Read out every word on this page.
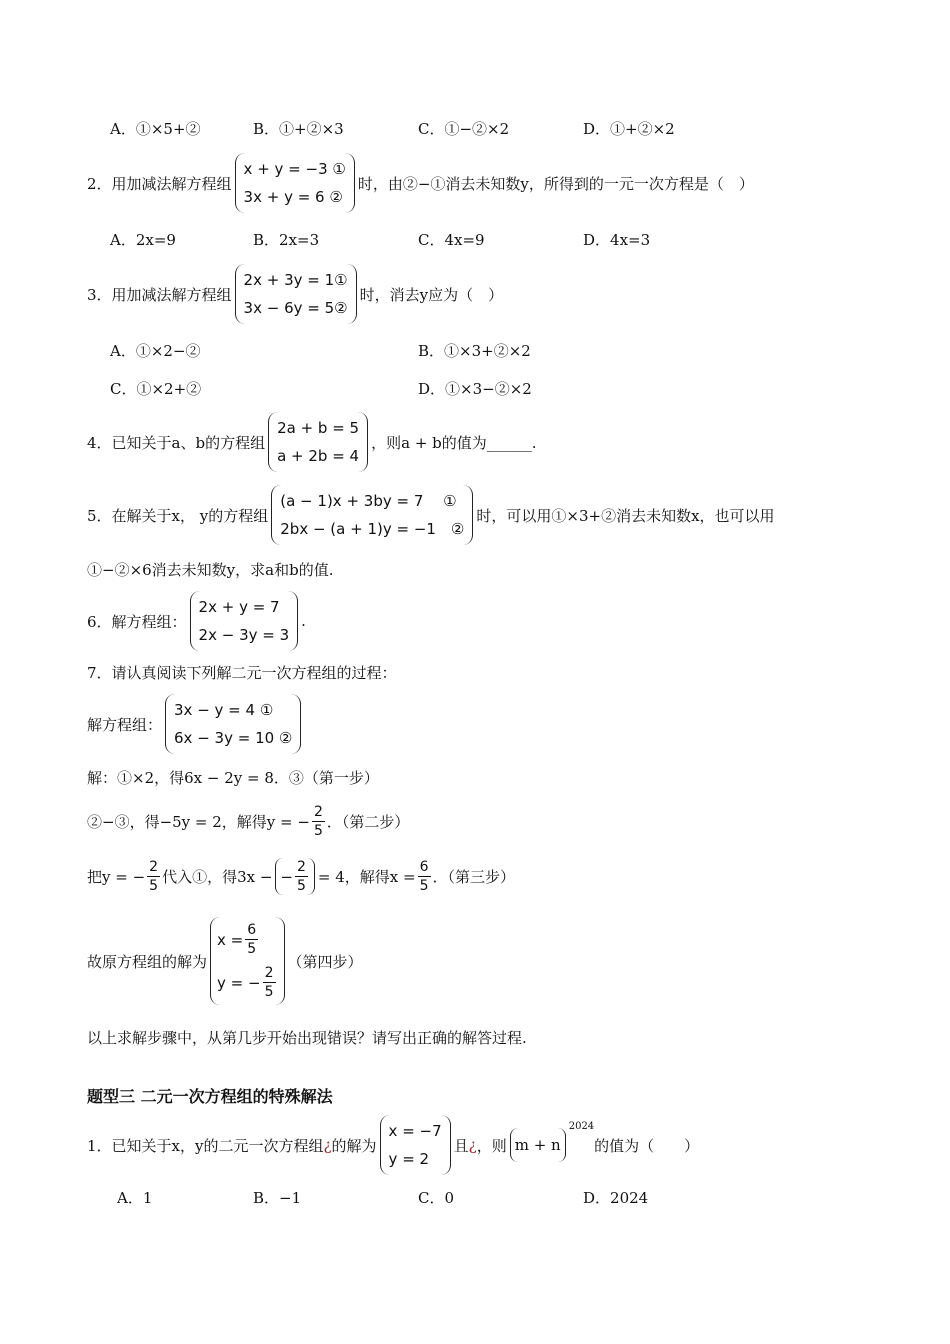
A．①×5+②	B．①+②×3	C．①−②×2	D．①+②×2
2．用加减法解方程组
x + y = −3 ①
3x + y = 6 ②
时，由②−①消去未知数y，所得到的一元一次方程是（　）
A．2x=9	B．2x=3	C．4x=9	D．4x=3
3．用加减法解方程组
2x + 3y = 1①
3x − 6y = 5②
时，消去y应为（　）
A．①×2−②	B．①×3+②×2
C．①×2+②	D．①×3−②×2
4．已知关于a、b的方程组
2a + b = 5
a + 2b = 4
，则a + b的值为______.
5．在解关于x， y的方程组
(a − 1)x + 3by = 7　 ①
2bx − (a + 1)y = −1　②
时，可以用①×3+②消去未知数x，也可以用
①−②×6消去未知数y，求a和b的值.
6．解方程组：
2x + y = 7
2x − 3y = 3
.
7．请认真阅读下列解二元一次方程组的过程：
解方程组：
3x − y = 4 ①
6x − 3y = 10 ②
解：①×2，得6x − 2y = 8．③（第一步）
②−③，得−5y = 2，解得y = − $\frac{2}{5}$ ．（第二步）
把y = − $\frac{2}{5}$ 代入①，得3x − − $\frac{2}{5} = 4$，解得$x = \frac{6}{5}$ ．（第三步）
故原方程组的解为
$x = \frac{6}{5}$
y = − $\frac{2}{5}$
（第四步）
以上求解步骤中，从第几步开始出现错误？请写出正确的解答过程.
题型三 二元一次方程组的特殊解法
1．已知关于x，y的二元一次方程组 ¿ 的解为
x = −7
y = 2
且 ¿ ，则 m + n
$^{2024}$
的值为（　　）
A．1	B．−1	C．0	D．2024
